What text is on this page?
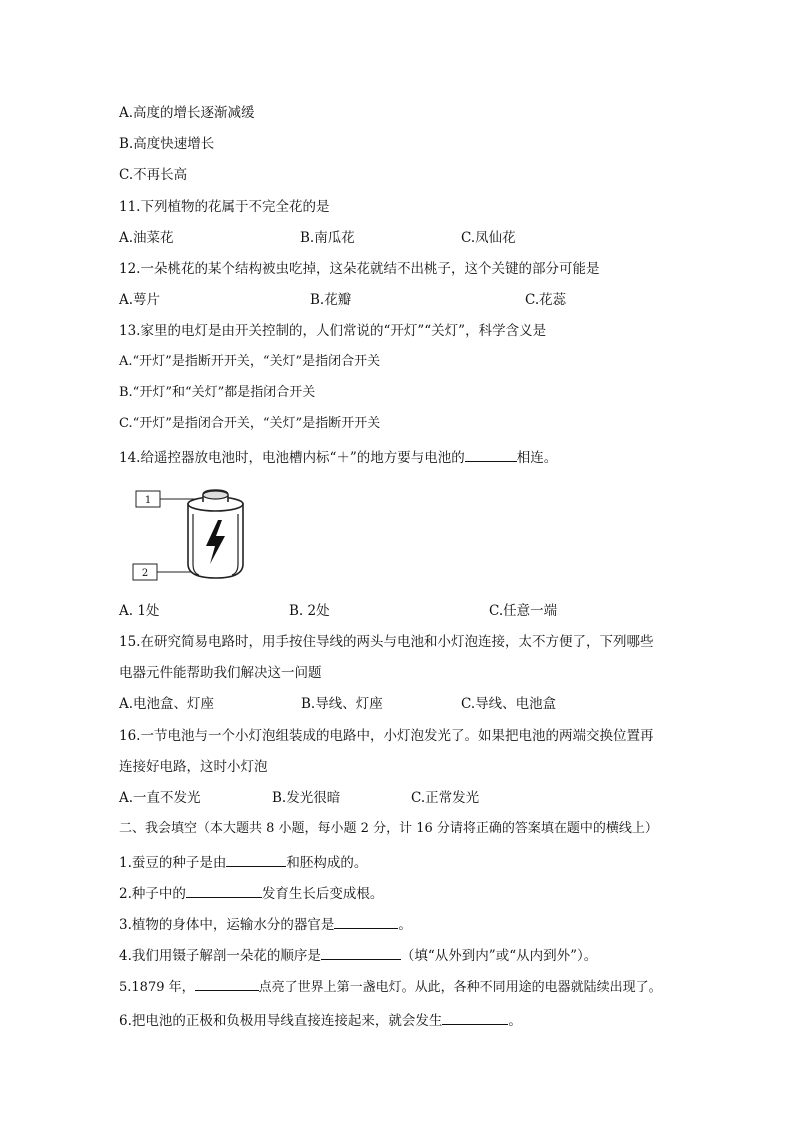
A.高度的增长逐渐减缓
B.高度快速增长
C.不再长高
11.下列植物的花属于不完全花的是
A.油菜花	B.南瓜花	C.凤仙花
12.一朵桃花的某个结构被虫吃掉，这朵花就结不出桃子，这个关键的部分可能是
A.萼片	B.花瓣	C.花蕊
13.家里的电灯是由开关控制的，人们常说的“开灯”“关灯”，科学含义是
A.“开灯”是指断开开关，“关灯”是指闭合开关
B.“开灯”和“关灯”都是指闭合开关
C.“开灯”是指闭合开关，“关灯”是指断开开关
14.给遥控器放电池时，电池槽内标“＋”的地方要与电池的	相连。
1
2
A. 1处	B. 2处	C.任意一端
15.在研究简易电路时，用手按住导线的两头与电池和小灯泡连接，太不方便了，下列哪些
电器元件能帮助我们解决这一问题
A.电池盒、灯座	B.导线、灯座	C.导线、电池盒
16.一节电池与一个小灯泡组装成的电路中，小灯泡发光了。如果把电池的两端交换位置再
连接好电路，这时小灯泡
A.一直不发光	B.发光很暗	C.正常发光
二、我会填空（本大题共 8 小题，每小题 2 分，计 16 分请将正确的答案填在题中的横线上）
1.蚕豆的种子是由	和胚构成的。
2.种子中的	发育生长后变成根。
3.植物的身体中，运输水分的器官是	。
4.我们用镊子解剖一朵花的顺序是	（填“从外到内”或“从内到外”）。
5.1879 年，	点亮了世界上第一盏电灯。从此，各种不同用途的电器就陆续出现了。
6.把电池的正极和负极用导线直接连接起来，就会发生	。
